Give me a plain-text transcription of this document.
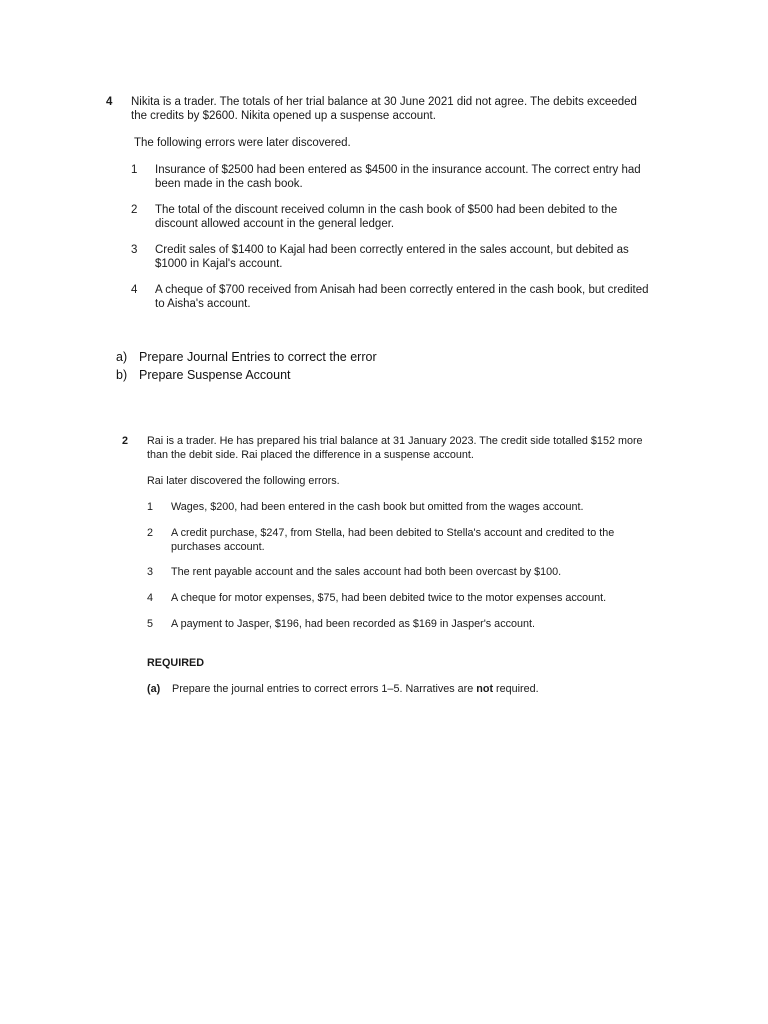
4 Nikita is a trader. The totals of her trial balance at 30 June 2021 did not agree. The debits exceeded the credits by $2600. Nikita opened up a suspense account.
The following errors were later discovered.
1 Insurance of $2500 had been entered as $4500 in the insurance account. The correct entry had been made in the cash book.
2 The total of the discount received column in the cash book of $500 had been debited to the discount allowed account in the general ledger.
3 Credit sales of $1400 to Kajal had been correctly entered in the sales account, but debited as $1000 in Kajal's account.
4 A cheque of $700 received from Anisah had been correctly entered in the cash book, but credited to Aisha's account.
a) Prepare Journal Entries to correct the error
b) Prepare Suspense Account
2 Rai is a trader. He has prepared his trial balance at 31 January 2023. The credit side totalled $152 more than the debit side. Rai placed the difference in a suspense account.
Rai later discovered the following errors.
1 Wages, $200, had been entered in the cash book but omitted from the wages account.
2 A credit purchase, $247, from Stella, had been debited to Stella's account and credited to the purchases account.
3 The rent payable account and the sales account had both been overcast by $100.
4 A cheque for motor expenses, $75, had been debited twice to the motor expenses account.
5 A payment to Jasper, $196, had been recorded as $169 in Jasper's account.
REQUIRED
(a) Prepare the journal entries to correct errors 1–5. Narratives are not required.
